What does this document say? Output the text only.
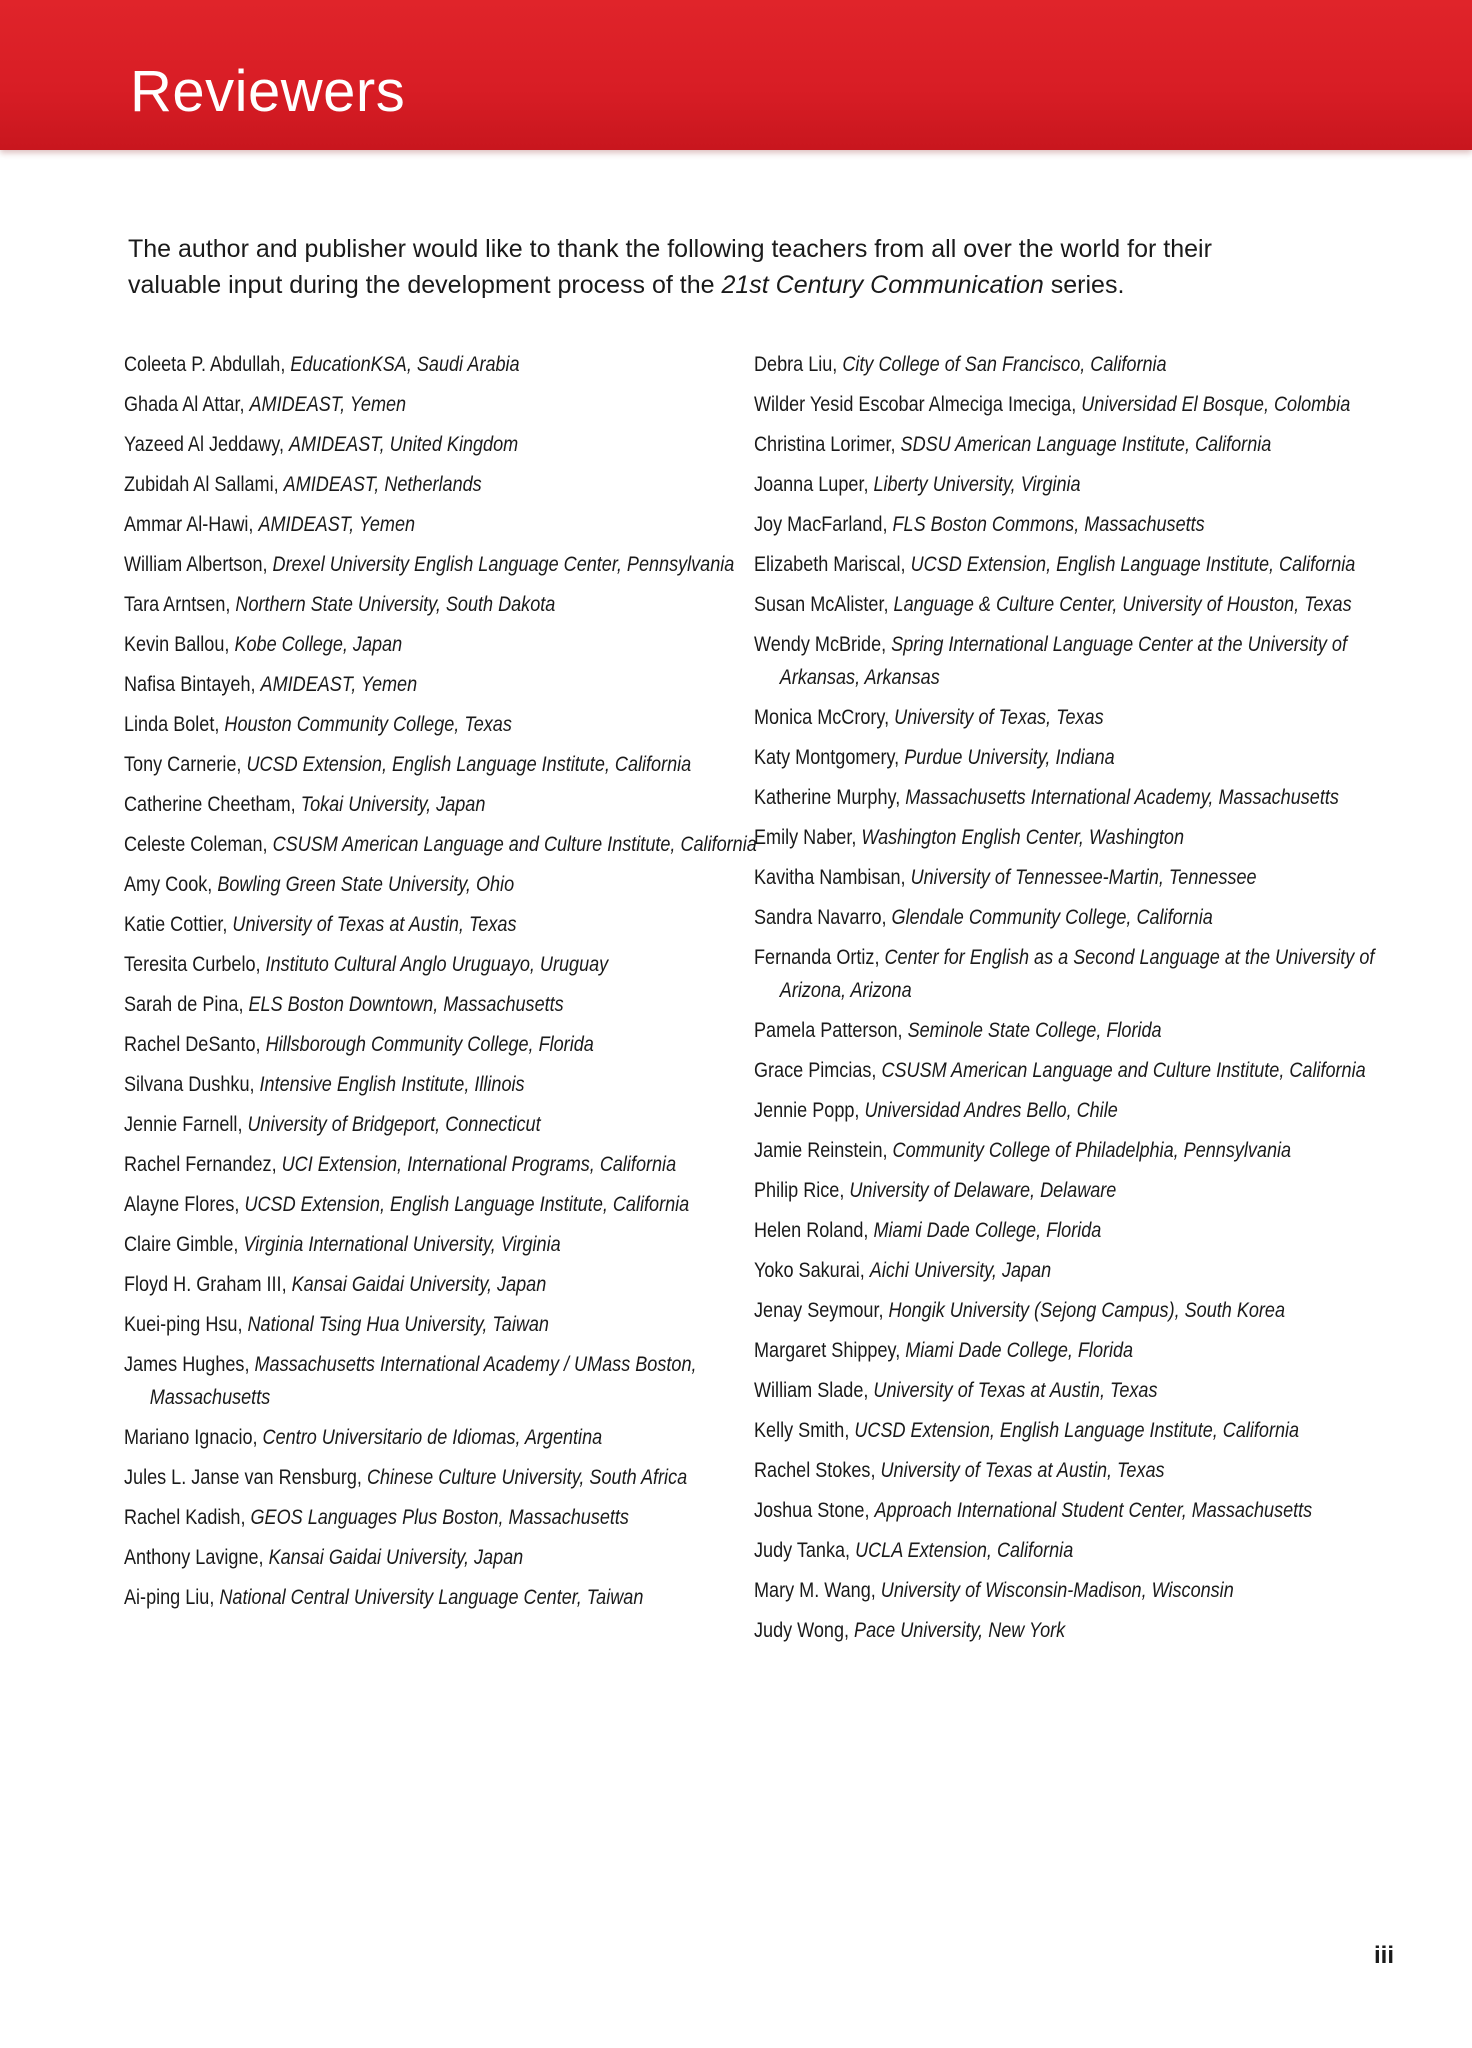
Reviewers

The author and publisher would like to thank the following teachers from all over the world for their valuable input during the development process of the 21st Century Communication series.

Coleeta P. Abdullah, EducationKSA, Saudi Arabia
Ghada Al Attar, AMIDEAST, Yemen
Yazeed Al Jeddawy, AMIDEAST, United Kingdom
Zubidah Al Sallami, AMIDEAST, Netherlands
Ammar Al-Hawi, AMIDEAST, Yemen
William Albertson, Drexel University English Language Center, Pennsylvania
Tara Arntsen, Northern State University, South Dakota
Kevin Ballou, Kobe College, Japan
Nafisa Bintayeh, AMIDEAST, Yemen
Linda Bolet, Houston Community College, Texas
Tony Carnerie, UCSD Extension, English Language Institute, California
Catherine Cheetham, Tokai University, Japan
Celeste Coleman, CSUSM American Language and Culture Institute, California
Amy Cook, Bowling Green State University, Ohio
Katie Cottier, University of Texas at Austin, Texas
Teresita Curbelo, Instituto Cultural Anglo Uruguayo, Uruguay
Sarah de Pina, ELS Boston Downtown, Massachusetts
Rachel DeSanto, Hillsborough Community College, Florida
Silvana Dushku, Intensive English Institute, Illinois
Jennie Farnell, University of Bridgeport, Connecticut
Rachel Fernandez, UCI Extension, International Programs, California
Alayne Flores, UCSD Extension, English Language Institute, California
Claire Gimble, Virginia International University, Virginia
Floyd H. Graham III, Kansai Gaidai University, Japan
Kuei-ping Hsu, National Tsing Hua University, Taiwan
James Hughes, Massachusetts International Academy / UMass Boston, Massachusetts
Mariano Ignacio, Centro Universitario de Idiomas, Argentina
Jules L. Janse van Rensburg, Chinese Culture University, South Africa
Rachel Kadish, GEOS Languages Plus Boston, Massachusetts
Anthony Lavigne, Kansai Gaidai University, Japan
Ai-ping Liu, National Central University Language Center, Taiwan
Debra Liu, City College of San Francisco, California
Wilder Yesid Escobar Almeciga Imeciga, Universidad El Bosque, Colombia
Christina Lorimer, SDSU American Language Institute, California
Joanna Luper, Liberty University, Virginia
Joy MacFarland, FLS Boston Commons, Massachusetts
Elizabeth Mariscal, UCSD Extension, English Language Institute, California
Susan McAlister, Language & Culture Center, University of Houston, Texas
Wendy McBride, Spring International Language Center at the University of Arkansas, Arkansas
Monica McCrory, University of Texas, Texas
Katy Montgomery, Purdue University, Indiana
Katherine Murphy, Massachusetts International Academy, Massachusetts
Emily Naber, Washington English Center, Washington
Kavitha Nambisan, University of Tennessee-Martin, Tennessee
Sandra Navarro, Glendale Community College, California
Fernanda Ortiz, Center for English as a Second Language at the University of Arizona, Arizona
Pamela Patterson, Seminole State College, Florida
Grace Pimcias, CSUSM American Language and Culture Institute, California
Jennie Popp, Universidad Andres Bello, Chile
Jamie Reinstein, Community College of Philadelphia, Pennsylvania
Philip Rice, University of Delaware, Delaware
Helen Roland, Miami Dade College, Florida
Yoko Sakurai, Aichi University, Japan
Jenay Seymour, Hongik University (Sejong Campus), South Korea
Margaret Shippey, Miami Dade College, Florida
William Slade, University of Texas at Austin, Texas
Kelly Smith, UCSD Extension, English Language Institute, California
Rachel Stokes, University of Texas at Austin, Texas
Joshua Stone, Approach International Student Center, Massachusetts
Judy Tanka, UCLA Extension, California
Mary M. Wang, University of Wisconsin-Madison, Wisconsin
Judy Wong, Pace University, New York
iii
